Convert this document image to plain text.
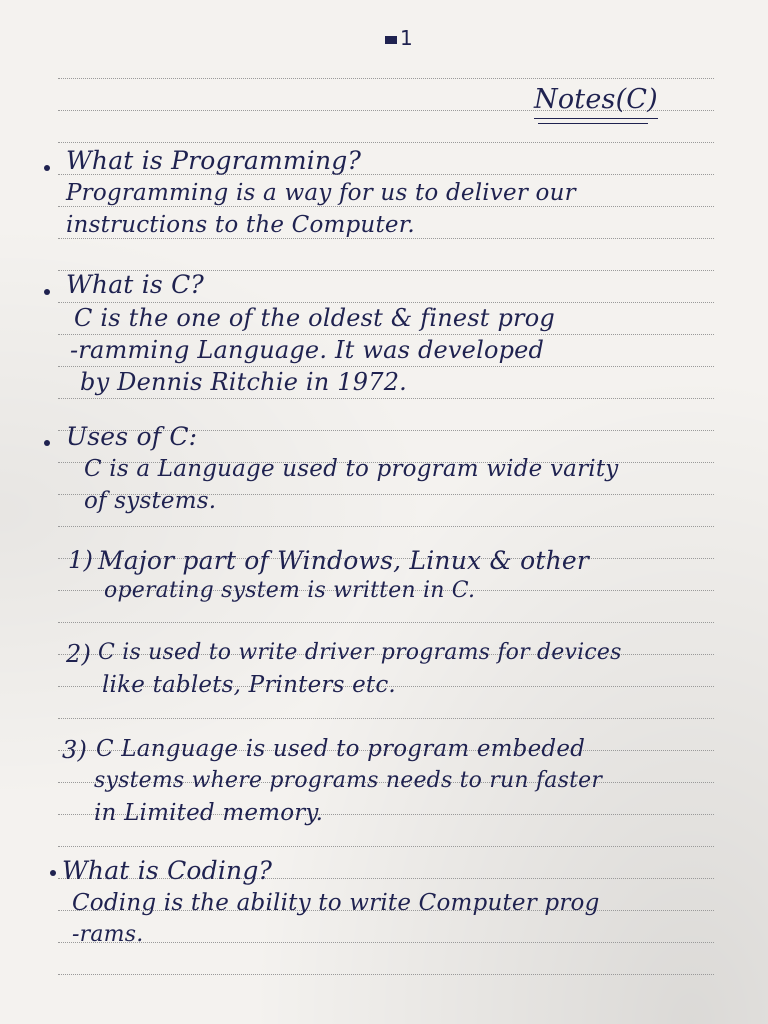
1
Notes(C)
What is Programming?
Programming is a way for us to deliver our
instructions to the Computer.
What is C?
C is the one of the oldest & finest prog
-ramming Language. It was developed
by Dennis Ritchie in 1972.
Uses of C:
C is a Language used to program wide varity
of systems.
1) Major part of Windows, Linux & other
operating system is written in C.
2) C is used to write driver programs for devices
like tablets, Printers etc.
3) C Language is used to program embeded
systems where programs needs to run faster
in Limited memory.
What is Coding?
Coding is the ability to write Computer prog
-rams.
